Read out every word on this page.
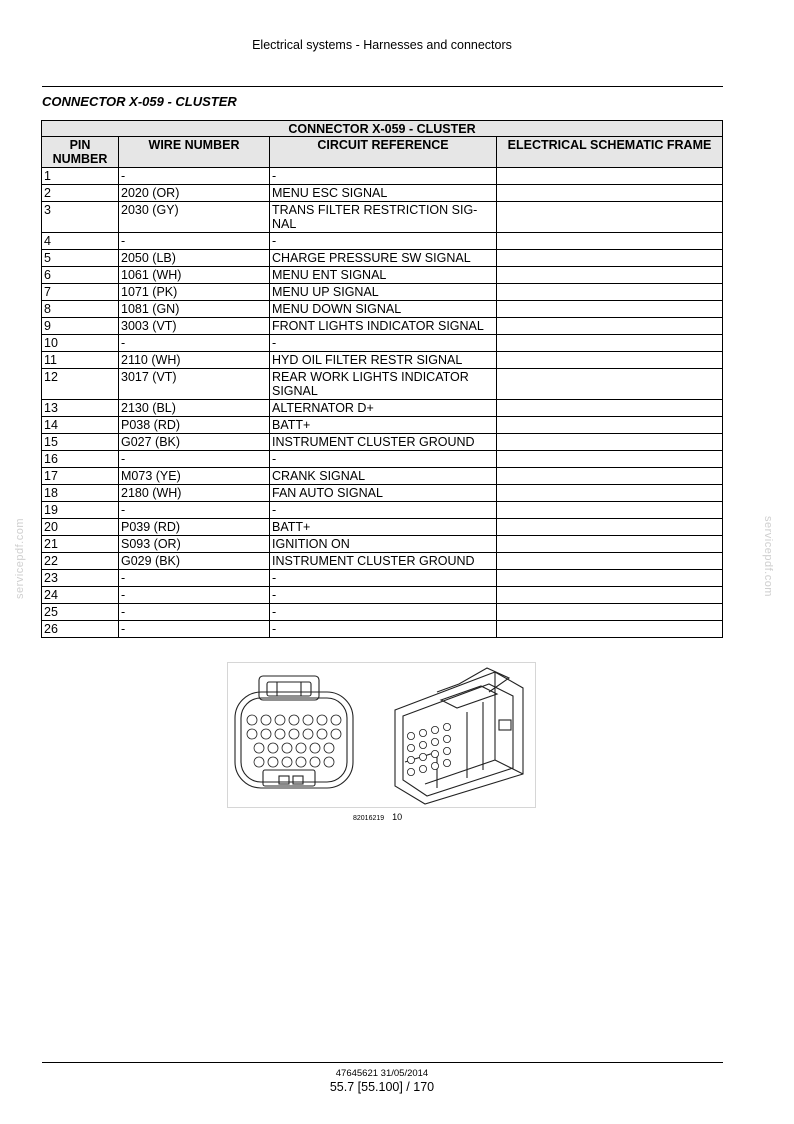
Electrical systems - Harnesses and connectors
CONNECTOR X-059 - CLUSTER
CONNECTOR X-059 - CLUSTER			
PIN NUMBER	WIRE NUMBER	CIRCUIT REFERENCE	ELECTRICAL SCHEMATIC FRAME
1	-	-	
2	2020 (OR)	MENU ESC SIGNAL	
3	2030 (GY)	TRANS FILTER RESTRICTION SIG-NAL	
4	-	-	
5	2050 (LB)	CHARGE PRESSURE SW SIGNAL	
6	1061 (WH)	MENU ENT SIGNAL	
7	1071 (PK)	MENU UP SIGNAL	
8	1081 (GN)	MENU DOWN SIGNAL	
9	3003 (VT)	FRONT LIGHTS INDICATOR SIGNAL	
10	-	-	
11	2110 (WH)	HYD OIL FILTER RESTR SIGNAL	
12	3017 (VT)	REAR WORK LIGHTS INDICATOR SIGNAL	
13	2130 (BL)	ALTERNATOR D+	
14	P038 (RD)	BATT+	
15	G027 (BK)	INSTRUMENT CLUSTER GROUND	
16	-	-	
17	M073 (YE)	CRANK SIGNAL	
18	2180 (WH)	FAN AUTO SIGNAL	
19	-	-	
20	P039 (RD)	BATT+	
21	S093 (OR)	IGNITION ON	
22	G029 (BK)	INSTRUMENT CLUSTER GROUND	
23	-	-	
24	-	-	
25	-	-	
26	-	-	
82016219 10
servicepdf.com	servicepdf.com
47645621 31/05/2014
55.7 [55.100] / 170
